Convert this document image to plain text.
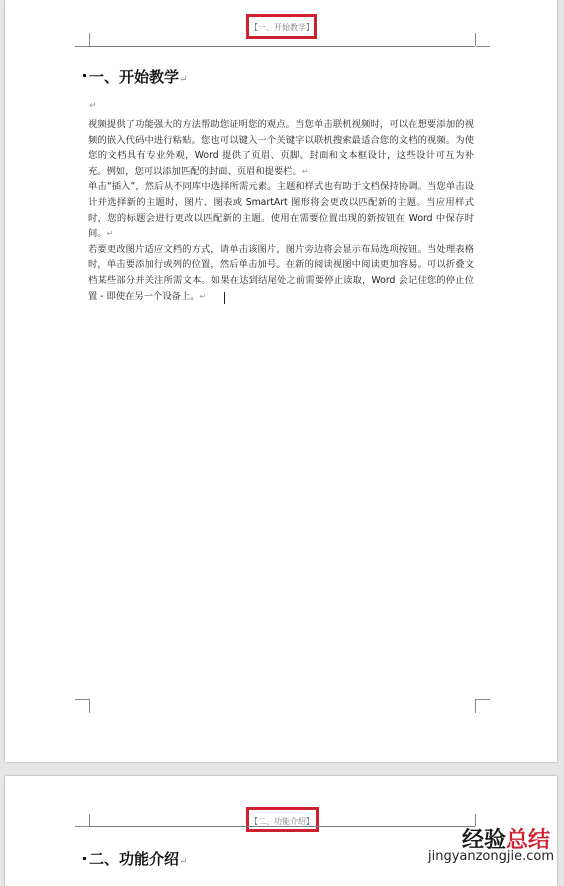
【一、开始教学】
一、开始教学↵
↵

视频提供了功能强大的方法帮助您证明您的观点。当您单击联机视频时，可以在想要添加的视频的嵌入代码中进行粘贴。您也可以键入一个关键字以联机搜索最适合您的文档的视频。为使您的文档具有专业外观，Word 提供了页眉、页脚、封面和文本框设计，这些设计可互为补充。例如，您可以添加匹配的封面、页眉和提要栏。↵

单击“插入”，然后从不同库中选择所需元素。主题和样式也有助于文档保持协调。当您单击设计并选择新的主题时，图片、图表或 SmartArt 图形将会更改以匹配新的主题。当应用样式时，您的标题会进行更改以匹配新的主题。使用在需要位置出现的新按钮在 Word 中保存时间。↵

若要更改图片适应文档的方式，请单击该图片，图片旁边将会显示布局选项按钮。当处理表格时，单击要添加行或列的位置，然后单击加号。在新的阅读视图中阅读更加容易。可以折叠文档某些部分并关注所需文本。如果在达到结尾处之前需要停止读取，Word 会记住您的停止位置 - 即使在另一个设备上。↵

【二、功能介绍】
二、功能介绍↵
经验总结
jingyanzongjie.com
